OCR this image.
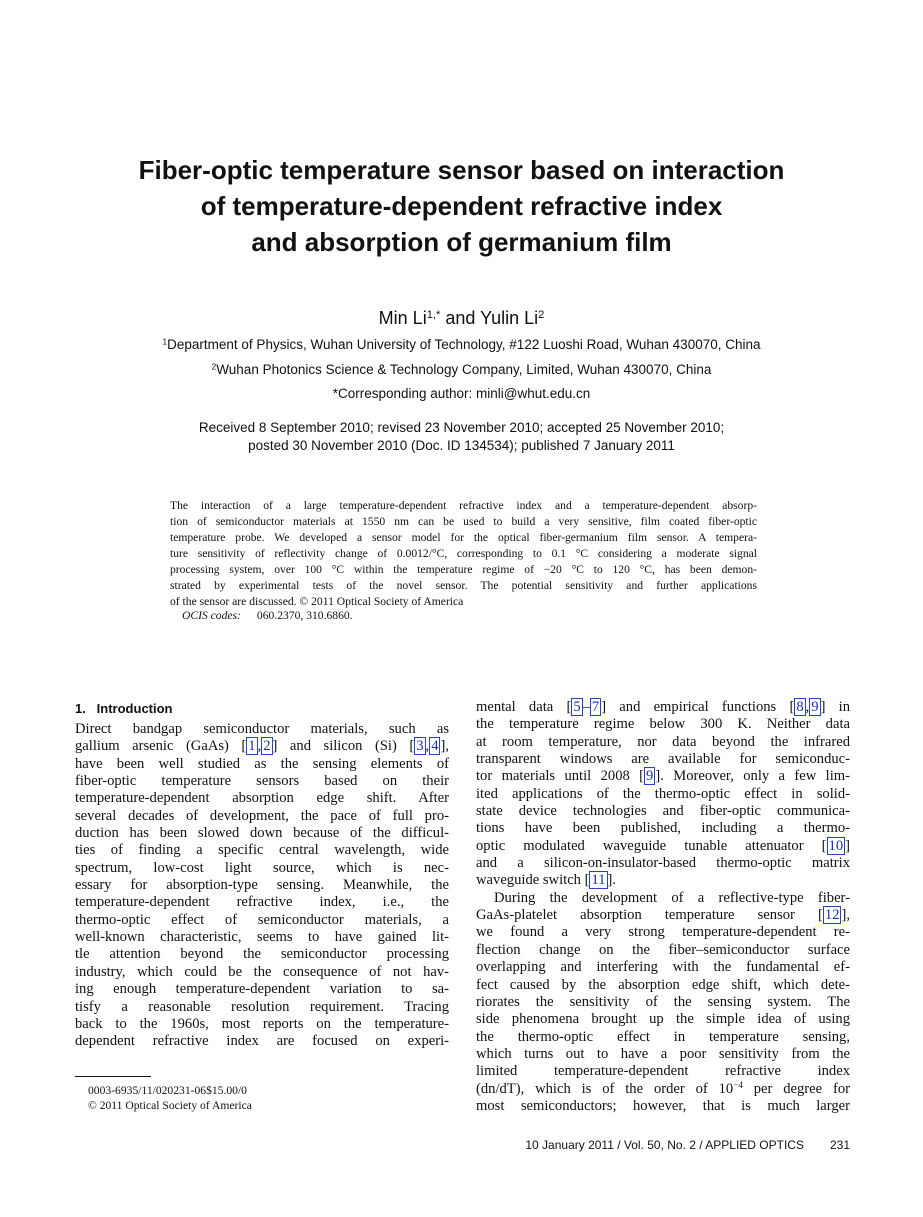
Fiber-optic temperature sensor based on interaction
of temperature-dependent refractive index
and absorption of germanium film
Min $Li^{1,*}$ and Yulin Li$^2$
$^1$Department of Physics, Wuhan University of Technology, #122 Luoshi Road, Wuhan 430070, China
$^2$Wuhan Photonics Science & Technology Company, Limited, Wuhan 430070, China
*Corresponding author: minli@whut.edu.cn
Received 8 September 2010; revised 23 November 2010; accepted 25 November 2010;
posted 30 November 2010 (Doc. ID 134534); published 7 January 2011
The interaction of a large temperature-dependent refractive index and a temperature-dependent absorp-
tion of semiconductor materials at 1550 nm can be used to build a very sensitive, film coated fiber-optic
temperature probe. We developed a sensor model for the optical fiber-germanium film sensor. A tempera-
ture sensitivity of reflectivity change of 0.0012/°C, corresponding to 0.1 °C considering a moderate signal
processing system, over 100 °C within the temperature regime of −20 °C to 120 °C, has been demon-
strated by experimental tests of the novel sensor. The potential sensitivity and further applications
of the sensor are discussed. © 2011 Optical Society of America
OCIS codes: 060.2370, 310.6860.
1.   Introduction
Direct bandgap semiconductor materials, such as
gallium arsenic (GaAs) [ 1 , 2 ] and silicon (Si) [ 3 , 4 ],
have been well studied as the sensing elements of
fiber-optic temperature sensors based on their
temperature-dependent absorption edge shift. After
several decades of development, the pace of full pro-
duction has been slowed down because of the difficul-
ties of finding a specific central wavelength, wide
spectrum, low-cost light source, which is nec-
essary for absorption-type sensing. Meanwhile, the
temperature-dependent refractive index, i.e., the
thermo-optic effect of semiconductor materials, a
well-known characteristic, seems to have gained lit-
tle attention beyond the semiconductor processing
industry, which could be the consequence of not hav-
ing enough temperature-dependent variation to sa-
tisfy a reasonable resolution requirement. Tracing
back to the 1960s, most reports on the temperature-
dependent refractive index are focused on experi-
mental data [ 5 – 7 ] and empirical functions [ 8 , 9 ] in
the temperature regime below 300 K. Neither data
at room temperature, nor data beyond the infrared
transparent windows are available for semiconduc-
tor materials until 2008 [ 9 ]. Moreover, only a few lim-
ited applications of the thermo-optic effect in solid-
state device technologies and fiber-optic communica-
tions have been published, including a thermo-
optic modulated waveguide tunable attenuator [ 10 ]
and a silicon-on-insulator-based thermo-optic matrix
waveguide switch [ 11 ].
During the development of a reflective-type fiber-
GaAs-platelet absorption temperature sensor [ 12 ],
we found a very strong temperature-dependent re-
flection change on the fiber–semiconductor surface
overlapping and interfering with the fundamental ef-
fect caused by the absorption edge shift, which dete-
riorates the sensitivity of the sensing system. The
side phenomena brought up the simple idea of using
the thermo-optic effect in temperature sensing,
which turns out to have a poor sensitivity from the
limited temperature-dependent refractive index
(dn/dT), which is of the order of $10^{-4}$ per degree for
most semiconductors; however, that is much larger
0003-6935/11/020231-06$15.00/0
© 2011 Optical Society of America
10 January 2011 / Vol. 50, No. 2 / APPLIED OPTICS 231
